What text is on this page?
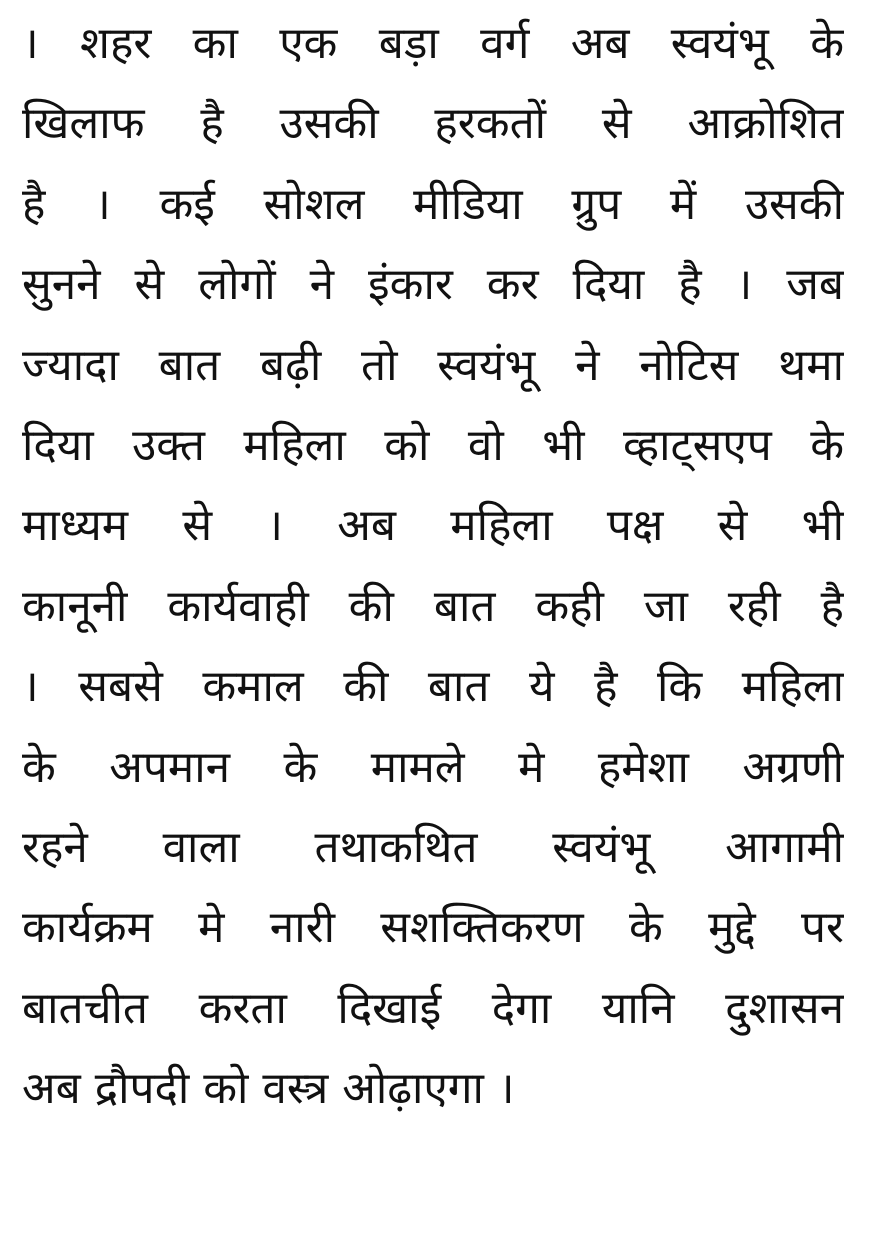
। शहर का एक बड़ा वर्ग अब स्वयंभू के
खिलाफ है उसकी हरकतों से आक्रोशित
है । कई सोशल मीडिया ग्रुप में उसकी
सुनने से लोगों ने इंकार कर दिया है । जब
ज्यादा बात बढ़ी तो स्वयंभू ने नोटिस थमा
दिया उक्त महिला को वो भी व्हाट्सएप के
माध्यम से । अब महिला पक्ष से भी
कानूनी कार्यवाही की बात कही जा रही है
। सबसे कमाल की बात ये है कि महिला
के अपमान के मामले मे हमेशा अग्रणी
रहने वाला तथाकथित स्वयंभू आगामी
कार्यक्रम मे नारी सशक्तिकरण के मुद्दे पर
बातचीत करता दिखाई देगा यानि दुशासन
अब द्रौपदी को वस्त्र ओढ़ाएगा ।
